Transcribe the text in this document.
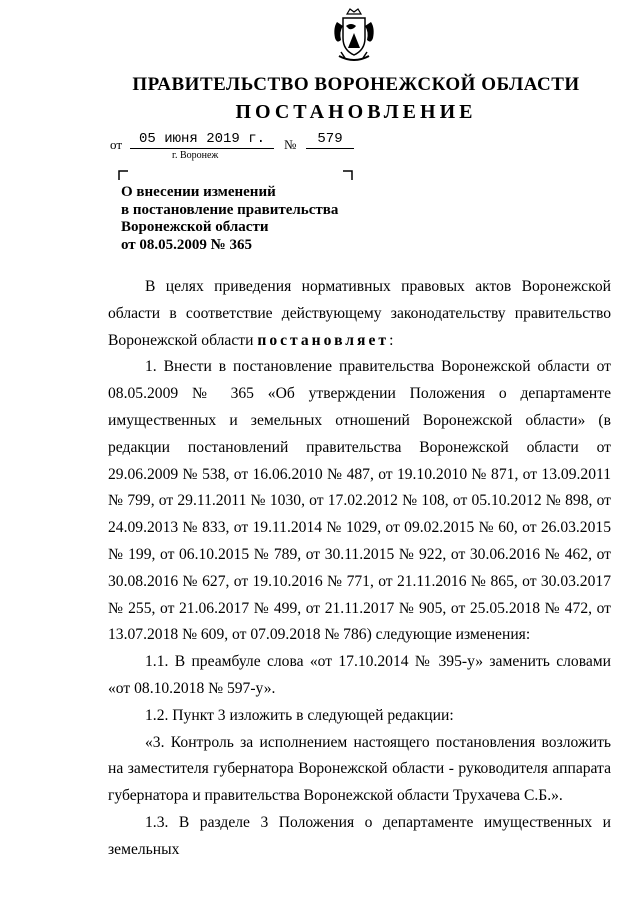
ПРАВИТЕЛЬСТВО ВОРОНЕЖСКОЙ ОБЛАСТИ
ПОСТАНОВЛЕНИЕ
от	05 июня 2019 г.	№	579
г. Воронеж
О внесении изменений
в постановление правительства
Воронежской области
от 08.05.2009 № 365

В целях приведения нормативных правовых актов Воронежской области в соответствие действующему законодательству правительство Воронежской области постановляет:

1. Внести в постановление правительства Воронежской области от 08.05.2009 № 365 «Об утверждении Положения о департаменте имущественных и земельных отношений Воронежской области» (в редакции постановлений правительства Воронежской области от 29.06.2009 № 538, от 16.06.2010 № 487, от 19.10.2010 № 871, от 13.09.2011 № 799, от 29.11.2011 № 1030, от 17.02.2012 № 108, от 05.10.2012 № 898, от 24.09.2013 № 833, от 19.11.2014 № 1029, от 09.02.2015 № 60, от 26.03.2015 № 199, от 06.10.2015 № 789, от 30.11.2015 № 922, от 30.06.2016 № 462, от 30.08.2016 № 627, от 19.10.2016 № 771, от 21.11.2016 № 865, от 30.03.2017 № 255, от 21.06.2017 № 499, от 21.11.2017 № 905, от 25.05.2018 № 472, от 13.07.2018 № 609, от 07.09.2018 № 786) следующие изменения:

1.1. В преамбуле слова «от 17.10.2014 № 395-у» заменить словами «от 08.10.2018 № 597-у».

1.2. Пункт 3 изложить в следующей редакции:

«3. Контроль за исполнением настоящего постановления возложить на заместителя губернатора Воронежской области - руководителя аппарата губернатора и правительства Воронежской области Трухачева С.Б.».

1.3. В разделе 3 Положения о департаменте имущественных и земельных
